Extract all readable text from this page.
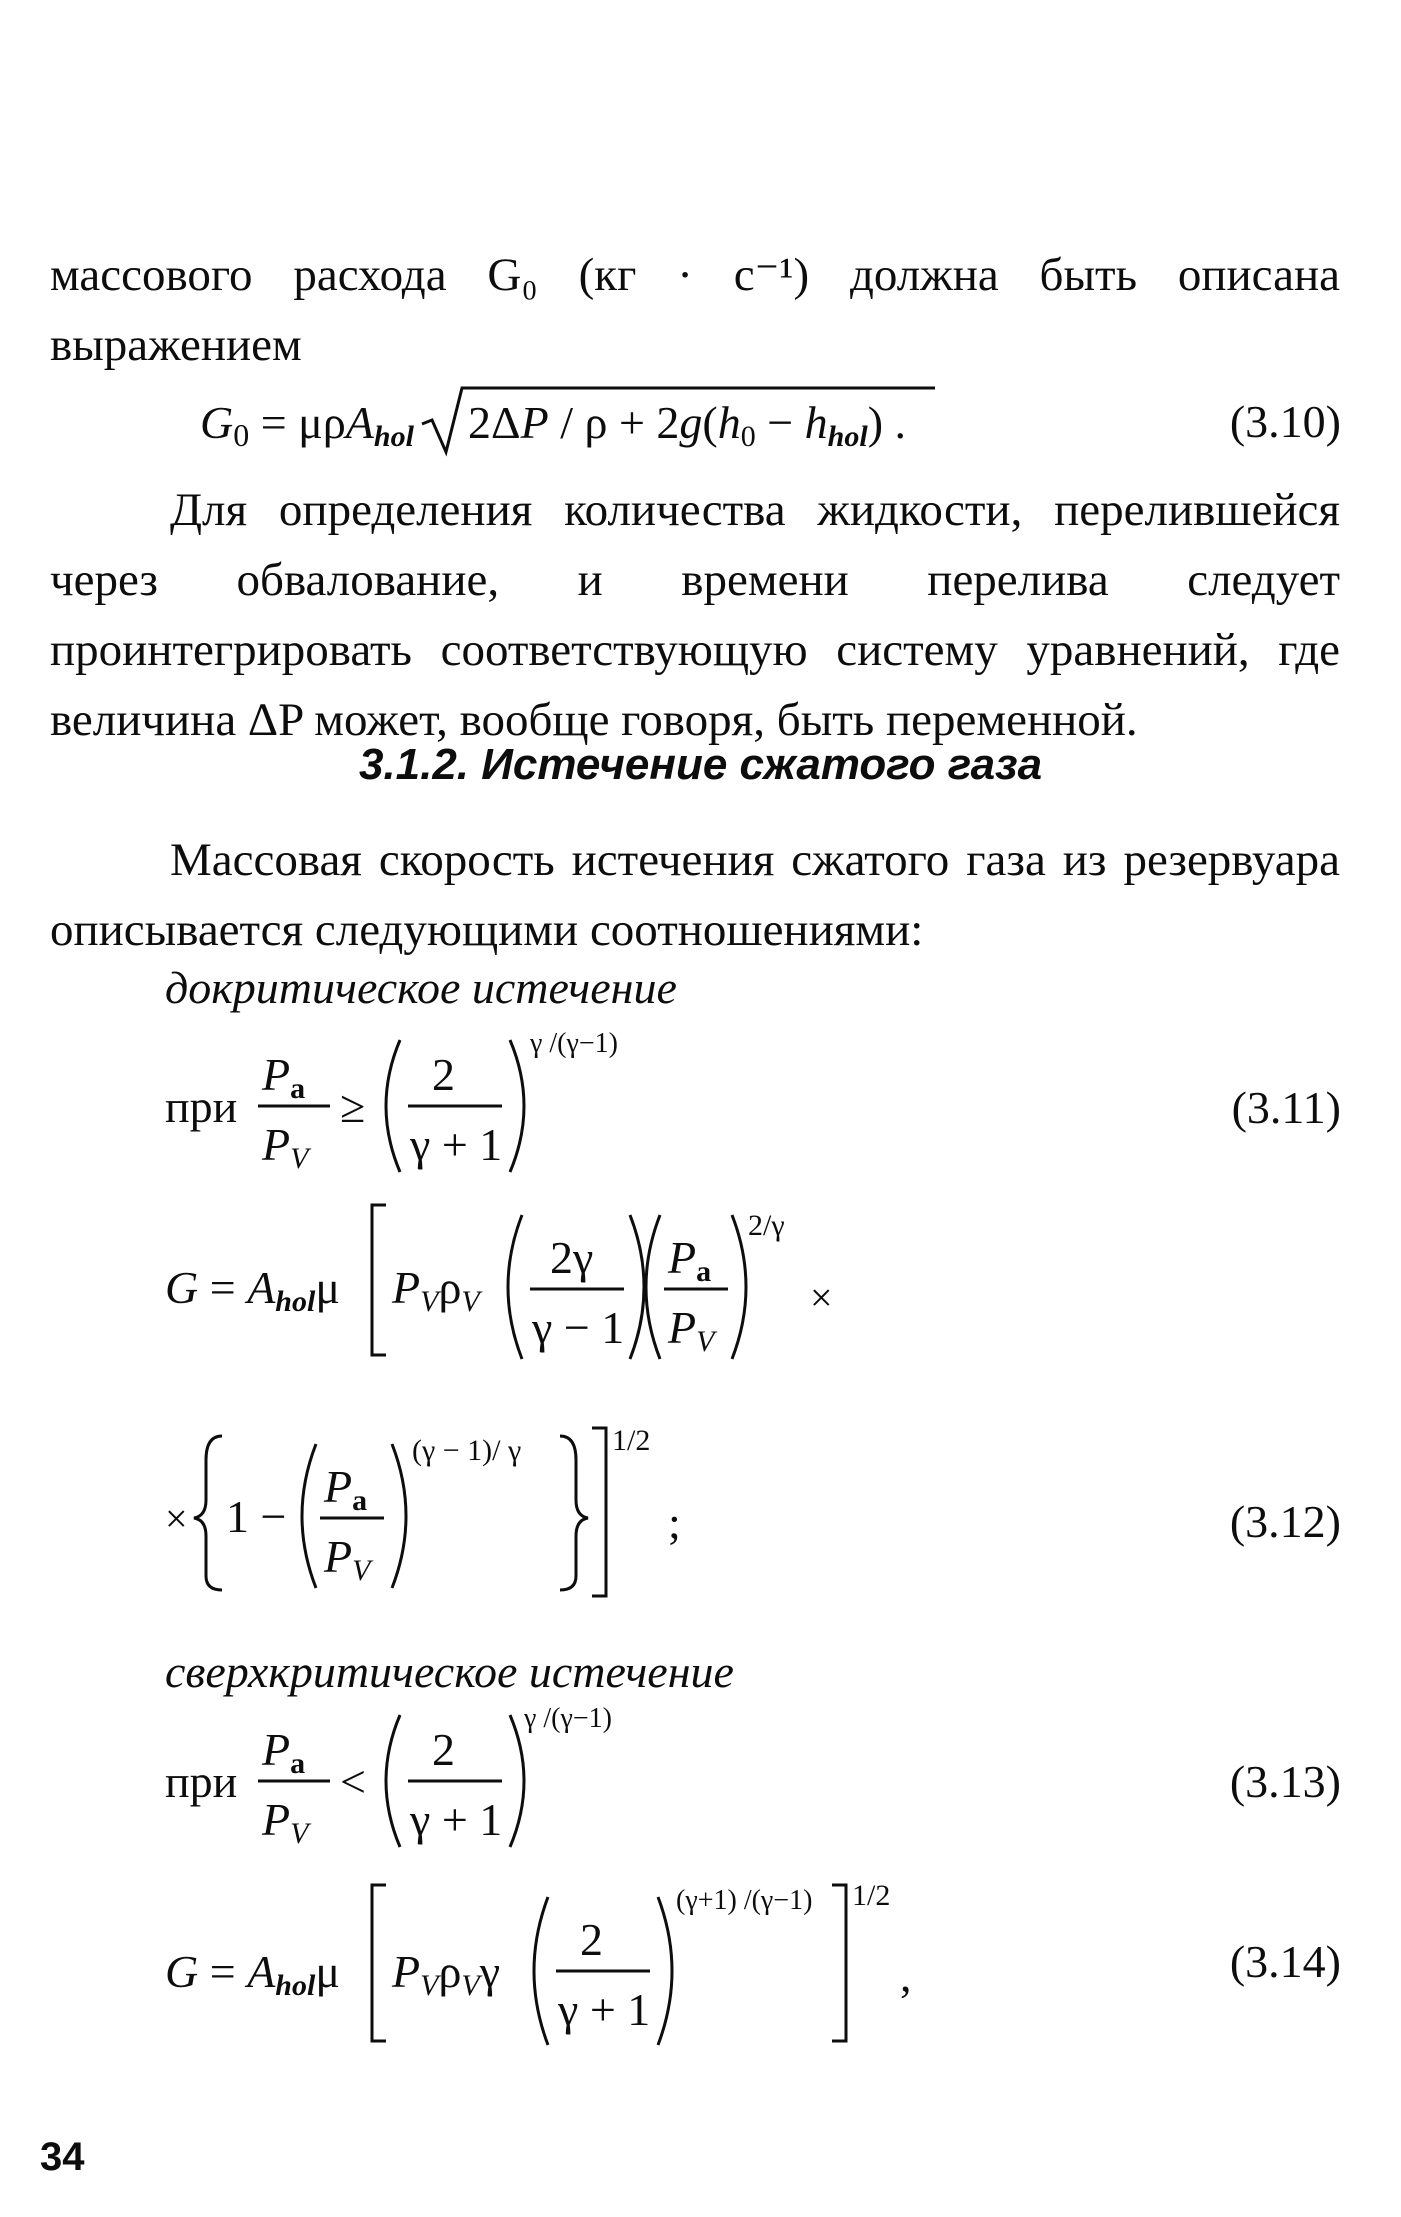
массового расхода G₀ (кг · с⁻¹) должна быть описана выражением

G0 = μρAhol 2ΔP / ρ + 2g(h0 − hhol) .	(3.10)

Для определения количества жидкости, перелившейся через обвалование, и времени перелива следует проинтегрировать соответствующую систему уравнений, где величина ΔP может, вообще говоря, быть переменной.

3.1.2. Истечение сжатого газа

Массовая скорость истечения сжатого газа из резервуара описывается следующими соотношениями:

докритическое истечение
при
Pa
PV
≥
2
γ + 1
γ /(γ−1)
(3.11)
G = Aholμ PVρV
2γ
γ − 1
Pa
PV
2/γ
×
× 1 −
Pa
PV
(γ − 1)/ γ	1/2
;	(3.12)
сверхкритическое истечение
при
Pa
PV
<
2
γ + 1
γ /(γ−1)
(3.13)
G = Aholμ PVρVγ
2
γ + 1
(γ+1) /(γ−1) 1/2
,	(3.14)
34
